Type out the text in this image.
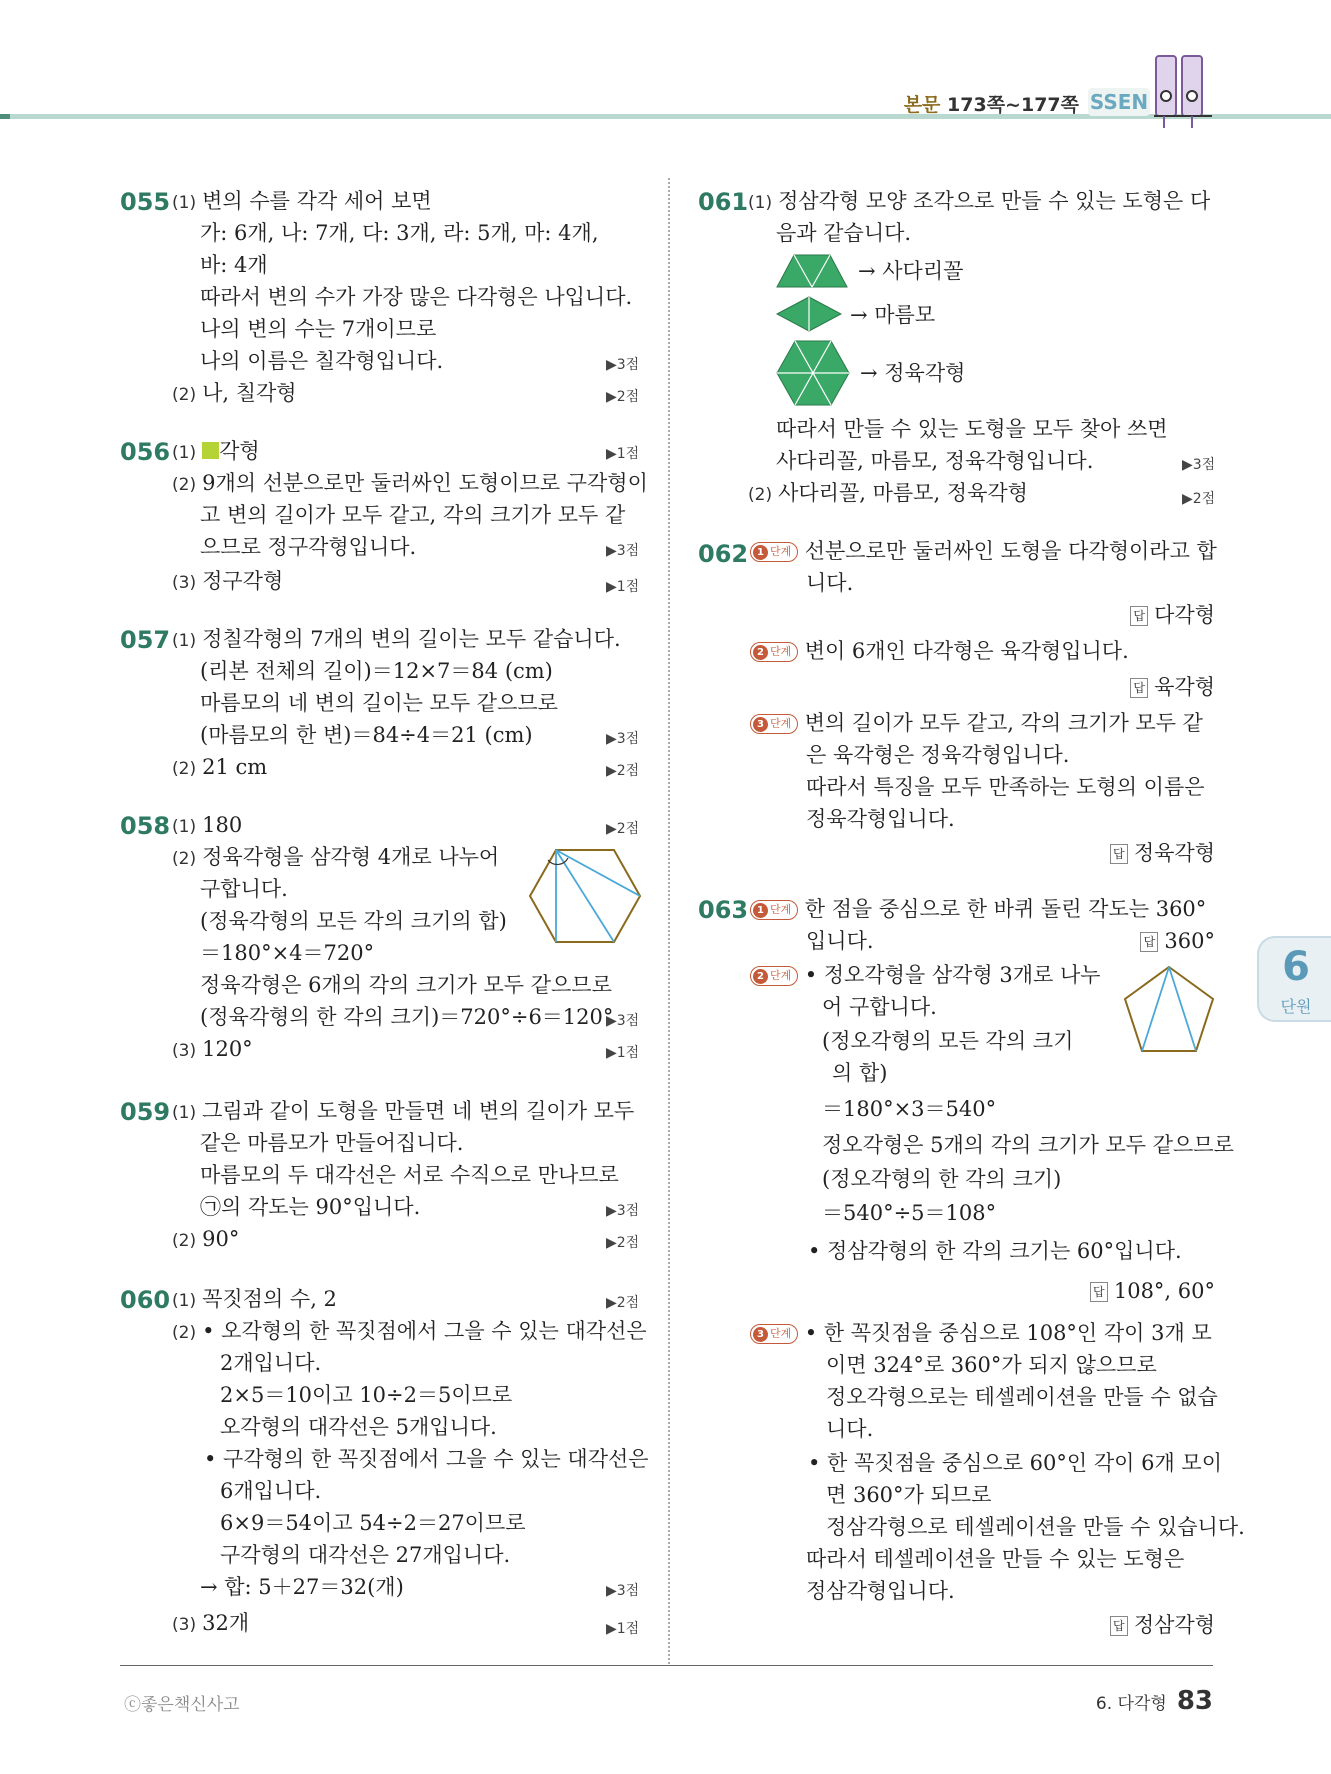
본문 173쪽~177쪽 SSEN
055 (1) 변의 수를 각각 세어 보면
가: 6개, 나: 7개, 다: 3개, 라: 5개, 마: 4개,
바: 4개
따라서 변의 수가 가장 많은 다각형은 나입니다.
나의 변의 수는 7개이므로
나의 이름은 칠각형입니다.	▶3점
(2) 나, 칠각형	▶2점
056 (1) 각형	▶1점
(2) 9개의 선분으로만 둘러싸인 도형이므로 구각형이
고 변의 길이가 모두 같고, 각의 크기가 모두 같
으므로 정구각형입니다.	▶3점
(3) 정구각형	▶1점
057 (1) 정칠각형의 7개의 변의 길이는 모두 같습니다.
(리본 전체의 길이)＝12×7＝84 (cm)
마름모의 네 변의 길이는 모두 같으므로
(마름모의 한 변)＝84÷4＝21 (cm)	▶3점
(2) 21 cm	▶2점
058 (1) 180	▶2점
(2) 정육각형을 삼각형 4개로 나누어
구합니다.
(정육각형의 모든 각의 크기의 합)
＝180°×4＝720°
정육각형은 6개의 각의 크기가 모두 같으므로
(정육각형의 한 각의 크기)＝720°÷6＝120°
▶3점
(3) 120°	▶1점
059 (1) 그림과 같이 도형을 만들면 네 변의 길이가 모두
같은 마름모가 만들어집니다.
마름모의 두 대각선은 서로 수직으로 만나므로
㉠의 각도는 90°입니다.	▶3점
(2) 90°	▶2점
060 (1) 꼭짓점의 수, 2	▶2점
(2) • 오각형의 한 꼭짓점에서 그을 수 있는 대각선은
2개입니다.
2×5＝10이고 10÷2＝5이므로
오각형의 대각선은 5개입니다.
• 구각형의 한 꼭짓점에서 그을 수 있는 대각선은
6개입니다.
6×9＝54이고 54÷2＝27이므로
구각형의 대각선은 27개입니다.
→ 합: 5＋27＝32(개)	▶3점
(3) 32개	▶1점
061 (1) 정삼각형 모양 조각으로 만들 수 있는 도형은 다
음과 같습니다.
→ 사다리꼴
→ 마름모
→ 정육각형
따라서 만들 수 있는 도형을 모두 찾아 쓰면
사다리꼴, 마름모, 정육각형입니다.	▶3점
(2) 사다리꼴, 마름모, 정육각형	▶2점
062 1 단계 선분으로만 둘러싸인 도형을 다각형이라고 합
니다.
답 다각형
2 단계 변이 6개인 다각형은 육각형입니다.
답 육각형
3 단계 변의 길이가 모두 같고, 각의 크기가 모두 같
은 육각형은 정육각형입니다.
따라서 특징을 모두 만족하는 도형의 이름은
정육각형입니다.
답 정육각형
063 1 단계 한 점을 중심으로 한 바퀴 돌린 각도는 360°
입니다.	답 360°
2 단계 • 정오각형을 삼각형 3개로 나누
어 구합니다.
(정오각형의 모든 각의 크기
의 합)
＝180°×3＝540°
정오각형은 5개의 각의 크기가 모두 같으므로
(정오각형의 한 각의 크기)
＝540°÷5＝108°
• 정삼각형의 한 각의 크기는 60°입니다.
답 108°, 60°
3 단계 • 한 꼭짓점을 중심으로 108°인 각이 3개 모
이면 324°로 360°가 되지 않으므로
정오각형으로는 테셀레이션을 만들 수 없습
니다.
• 한 꼭짓점을 중심으로 60°인 각이 6개 모이
면 360°가 되므로
정삼각형으로 테셀레이션을 만들 수 있습니다.
따라서 테셀레이션을 만들 수 있는 도형은
정삼각형입니다.
답 정삼각형
6
단원
ⓒ좋은책신사고	6. 다각형 83
